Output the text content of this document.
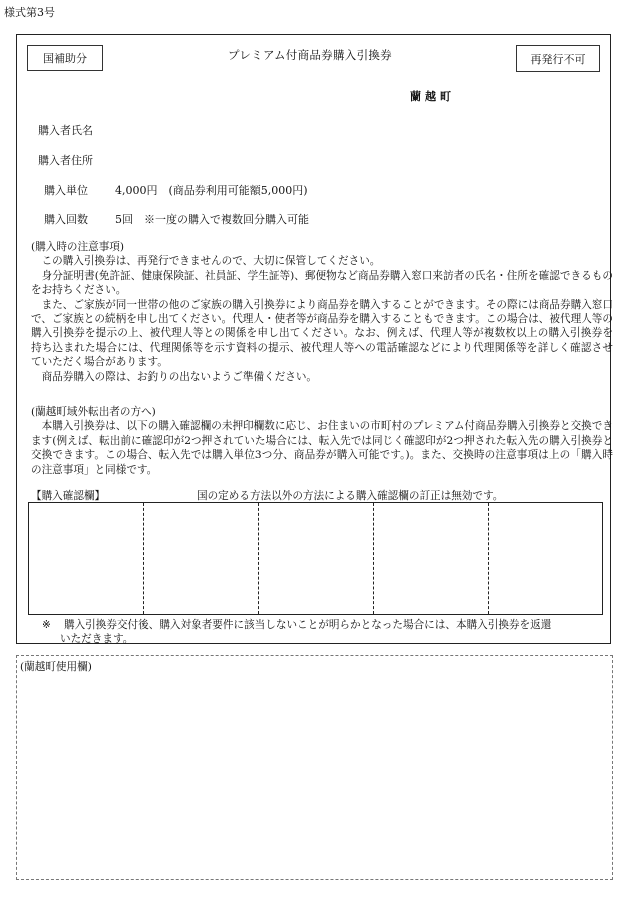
様式第3号
国補助分	プレミアム付商品券購入引換券	再発行不可
蘭越町
購入者氏名
購入者住所
購入単位 4,000円　(商品券利用可能額5,000円)
購入回数 5回　※一度の購入で複数回分購入可能

(購入時の注意事項)

この購入引換券は、再発行できませんので、大切に保管してください。

身分証明書(免許証、健康保険証、社員証、学生証等)、郵便物など商品券購入窓口来訪者の氏名・住所を確認できるものをお持ちください。

また、ご家族が同一世帯の他のご家族の購入引換券により商品券を購入することができます。その際には商品券購入窓口で、ご家族との続柄を申し出てください。代理人・使者等が商品券を購入することもできます。この場合は、被代理人等の購入引換券を提示の上、被代理人等との関係を申し出てください。なお、例えば、代理人等が複数枚以上の購入引換券を持ち込まれた場合には、代理関係等を示す資料の提示、被代理人等への電話確認などにより代理関係等を詳しく確認させていただく場合があります。

商品券購入の際は、お釣りの出ないようご準備ください。

(蘭越町域外転出者の方へ)

本購入引換券は、以下の購入確認欄の未押印欄数に応じ、お住まいの市町村のプレミアム付商品券購入引換券と交換できます(例えば、転出前に確認印が2つ押されていた場合には、転入先では同じく確認印が2つ押された転入先の購入引換券と交換できます。この場合、転入先では購入単位3つ分、商品券が購入可能です。)。また、交換時の注意事項は上の「購入時の注意事項」と同様です。

【購入確認欄】	国の定める方法以外の方法による購入確認欄の訂正は無効です。
※ 購入引換券交付後、購入対象者要件に該当しないことが明らかとなった場合には、本購入引換券を返還
いただきます。
(蘭越町使用欄)
